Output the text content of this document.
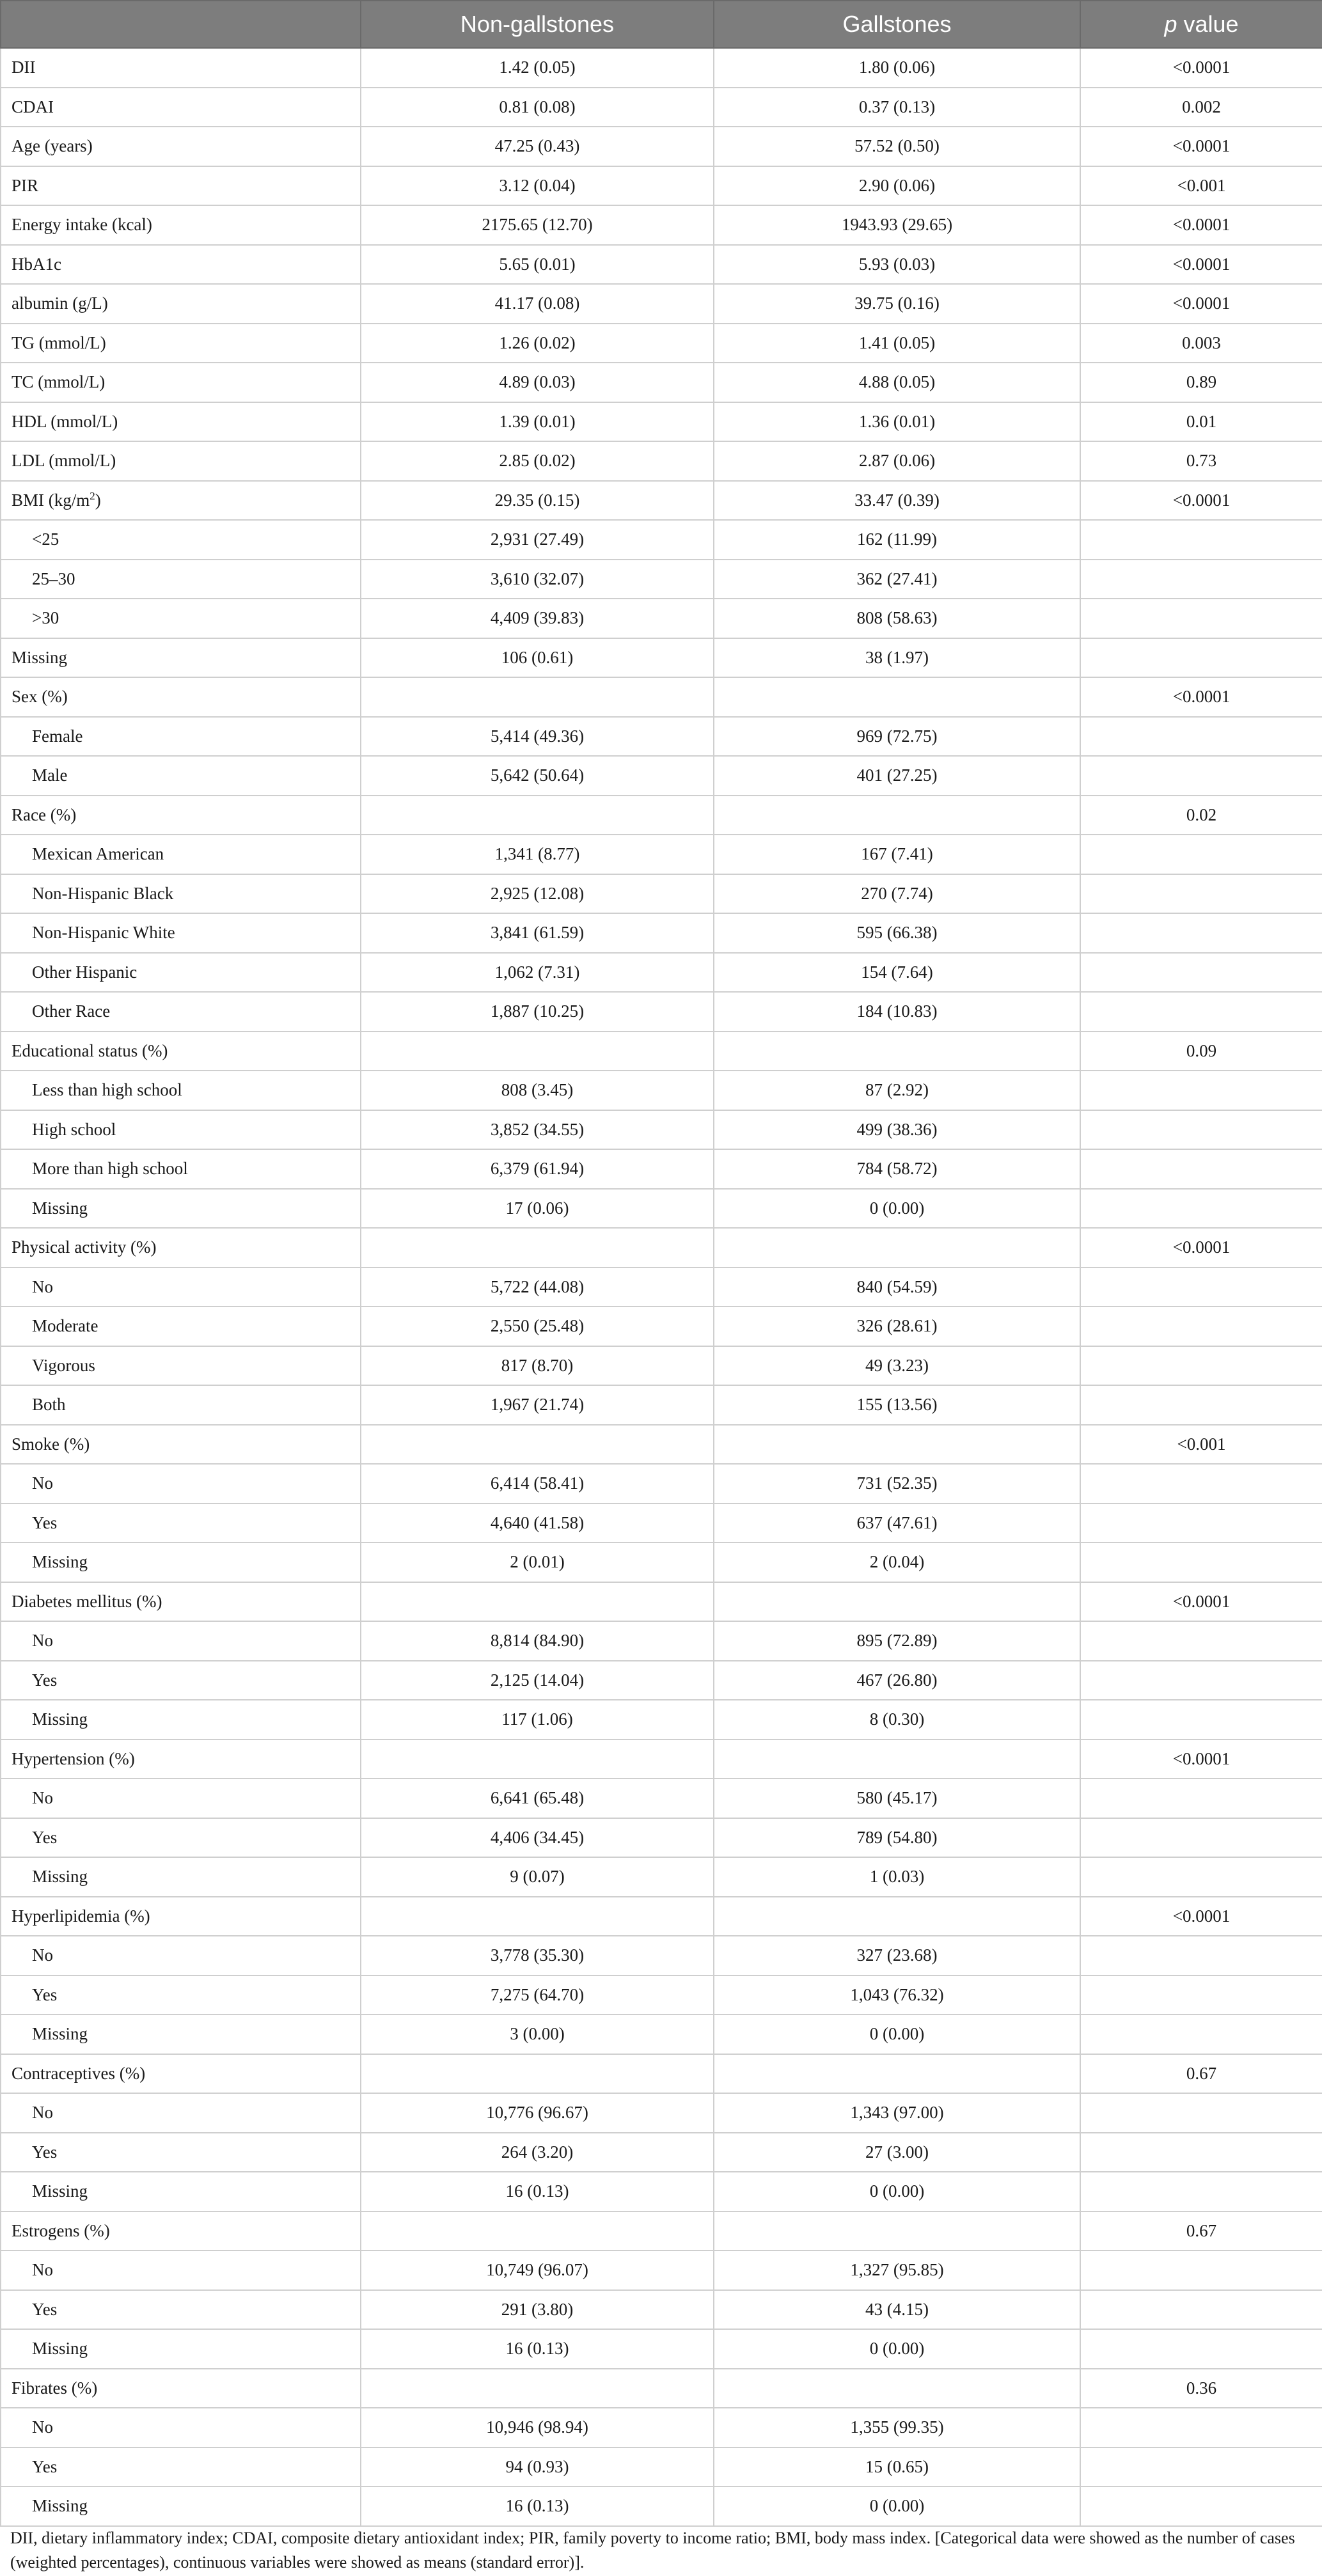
	Non-gallstones	Gallstones	p value
DII	1.42 (0.05)	1.80 (0.06)	<0.0001
CDAI	0.81 (0.08)	0.37 (0.13)	0.002
Age (years)	47.25 (0.43)	57.52 (0.50)	<0.0001
PIR	3.12 (0.04)	2.90 (0.06)	<0.001
Energy intake (kcal)	2175.65 (12.70)	1943.93 (29.65)	<0.0001
HbA1c	5.65 (0.01)	5.93 (0.03)	<0.0001
albumin (g/L)	41.17 (0.08)	39.75 (0.16)	<0.0001
TG (mmol/L)	1.26 (0.02)	1.41 (0.05)	0.003
TC (mmol/L)	4.89 (0.03)	4.88 (0.05)	0.89
HDL (mmol/L)	1.39 (0.01)	1.36 (0.01)	0.01
LDL (mmol/L)	2.85 (0.02)	2.87 (0.06)	0.73
BMI $(kg/m^2)$	29.35 (0.15)	33.47 (0.39)	<0.0001
<25	2,931 (27.49)	162 (11.99)	
25–30	3,610 (32.07)	362 (27.41)	
>30	4,409 (39.83)	808 (58.63)	
Missing	106 (0.61)	38 (1.97)	
Sex (%)			<0.0001
Female	5,414 (49.36)	969 (72.75)	
Male	5,642 (50.64)	401 (27.25)	
Race (%)			0.02
Mexican American	1,341 (8.77)	167 (7.41)	
Non-Hispanic Black	2,925 (12.08)	270 (7.74)	
Non-Hispanic White	3,841 (61.59)	595 (66.38)	
Other Hispanic	1,062 (7.31)	154 (7.64)	
Other Race	1,887 (10.25)	184 (10.83)	
Educational status (%)			0.09
Less than high school	808 (3.45)	87 (2.92)	
High school	3,852 (34.55)	499 (38.36)	
More than high school	6,379 (61.94)	784 (58.72)	
Missing	17 (0.06)	0 (0.00)	
Physical activity (%)			<0.0001
No	5,722 (44.08)	840 (54.59)	
Moderate	2,550 (25.48)	326 (28.61)	
Vigorous	817 (8.70)	49 (3.23)	
Both	1,967 (21.74)	155 (13.56)	
Smoke (%)			<0.001
No	6,414 (58.41)	731 (52.35)	
Yes	4,640 (41.58)	637 (47.61)	
Missing	2 (0.01)	2 (0.04)	
Diabetes mellitus (%)			<0.0001
No	8,814 (84.90)	895 (72.89)	
Yes	2,125 (14.04)	467 (26.80)	
Missing	117 (1.06)	8 (0.30)	
Hypertension (%)			<0.0001
No	6,641 (65.48)	580 (45.17)	
Yes	4,406 (34.45)	789 (54.80)	
Missing	9 (0.07)	1 (0.03)	
Hyperlipidemia (%)			<0.0001
No	3,778 (35.30)	327 (23.68)	
Yes	7,275 (64.70)	1,043 (76.32)	
Missing	3 (0.00)	0 (0.00)	
Contraceptives (%)			0.67
No	10,776 (96.67)	1,343 (97.00)	
Yes	264 (3.20)	27 (3.00)	
Missing	16 (0.13)	0 (0.00)	
Estrogens (%)			0.67
No	10,749 (96.07)	1,327 (95.85)	
Yes	291 (3.80)	43 (4.15)	
Missing	16 (0.13)	0 (0.00)	
Fibrates (%)			0.36
No	10,946 (98.94)	1,355 (99.35)	
Yes	94 (0.93)	15 (0.65)	
Missing	16 (0.13)	0 (0.00)	

DII, dietary inflammatory index; CDAI, composite dietary antioxidant index; PIR, family poverty to income ratio; BMI, body mass index. [Categorical data were showed as the number of cases (weighted percentages), continuous variables were showed as means (standard error)].
